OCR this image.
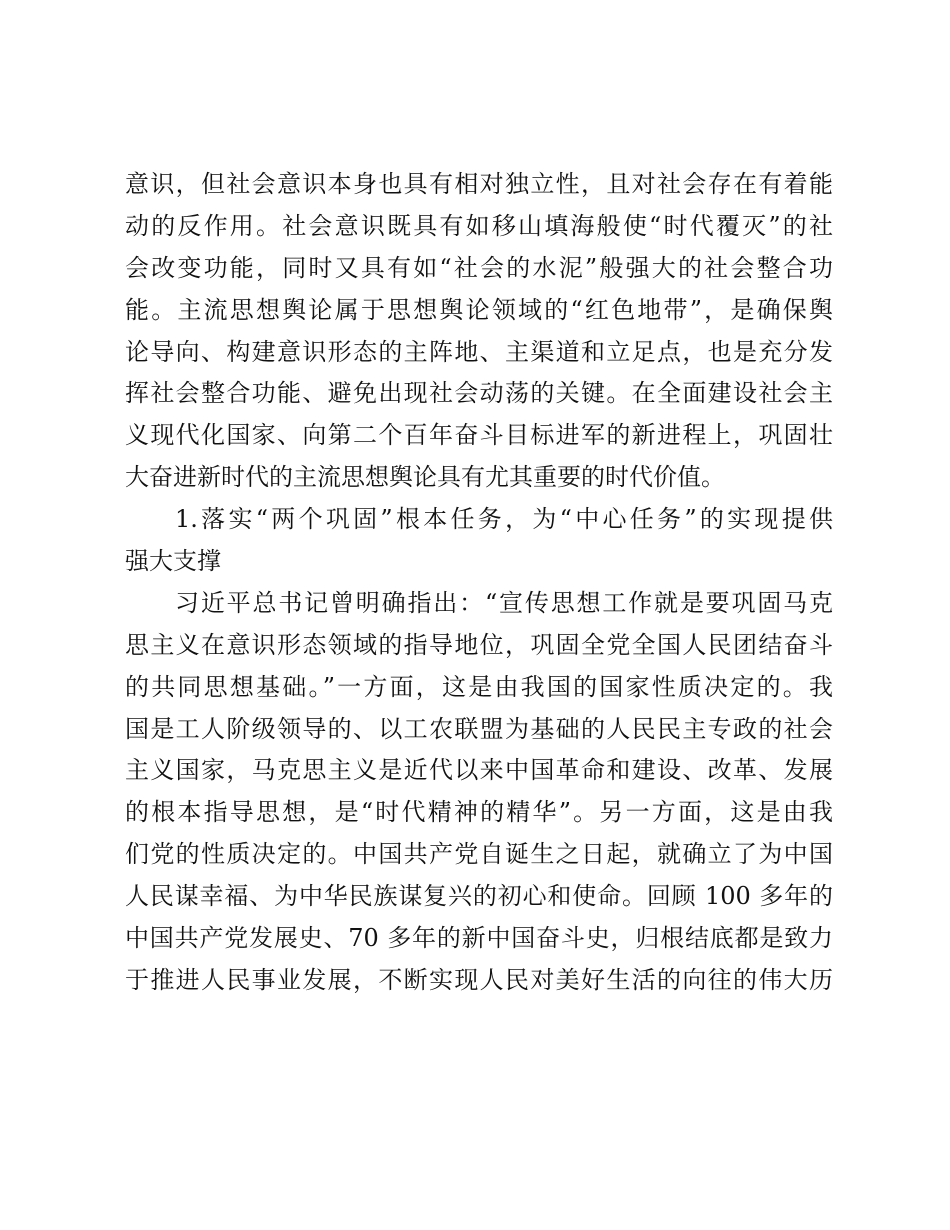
意识，但社会意识本身也具有相对独立性，且对社会存在有着能
动的反作用。社会意识既具有如移山填海般使“时代覆灭”的社
会改变功能，同时又具有如“社会的水泥”般强大的社会整合功
能。主流思想舆论属于思想舆论领域的“红色地带”，是确保舆
论导向、构建意识形态的主阵地、主渠道和立足点，也是充分发
挥社会整合功能、避免出现社会动荡的关键。在全面建设社会主
义现代化国家、向第二个百年奋斗目标进军的新进程上，巩固壮
大奋进新时代的主流思想舆论具有尤其重要的时代价值。
1.落实“两个巩固”根本任务，为“中心任务”的实现提供
强大支撑
习近平总书记曾明确指出：“宣传思想工作就是要巩固马克
思主义在意识形态领域的指导地位，巩固全党全国人民团结奋斗
的共同思想基础。”一方面，这是由我国的国家性质决定的。我
国是工人阶级领导的、以工农联盟为基础的人民民主专政的社会
主义国家，马克思主义是近代以来中国革命和建设、改革、发展
的根本指导思想，是“时代精神的精华”。另一方面，这是由我
们党的性质决定的。中国共产党自诞生之日起，就确立了为中国
人民谋幸福、为中华民族谋复兴的初心和使命。回顾 100 多年的
中国共产党发展史、70 多年的新中国奋斗史，归根结底都是致力
于推进人民事业发展，不断实现人民对美好生活的向往的伟大历
